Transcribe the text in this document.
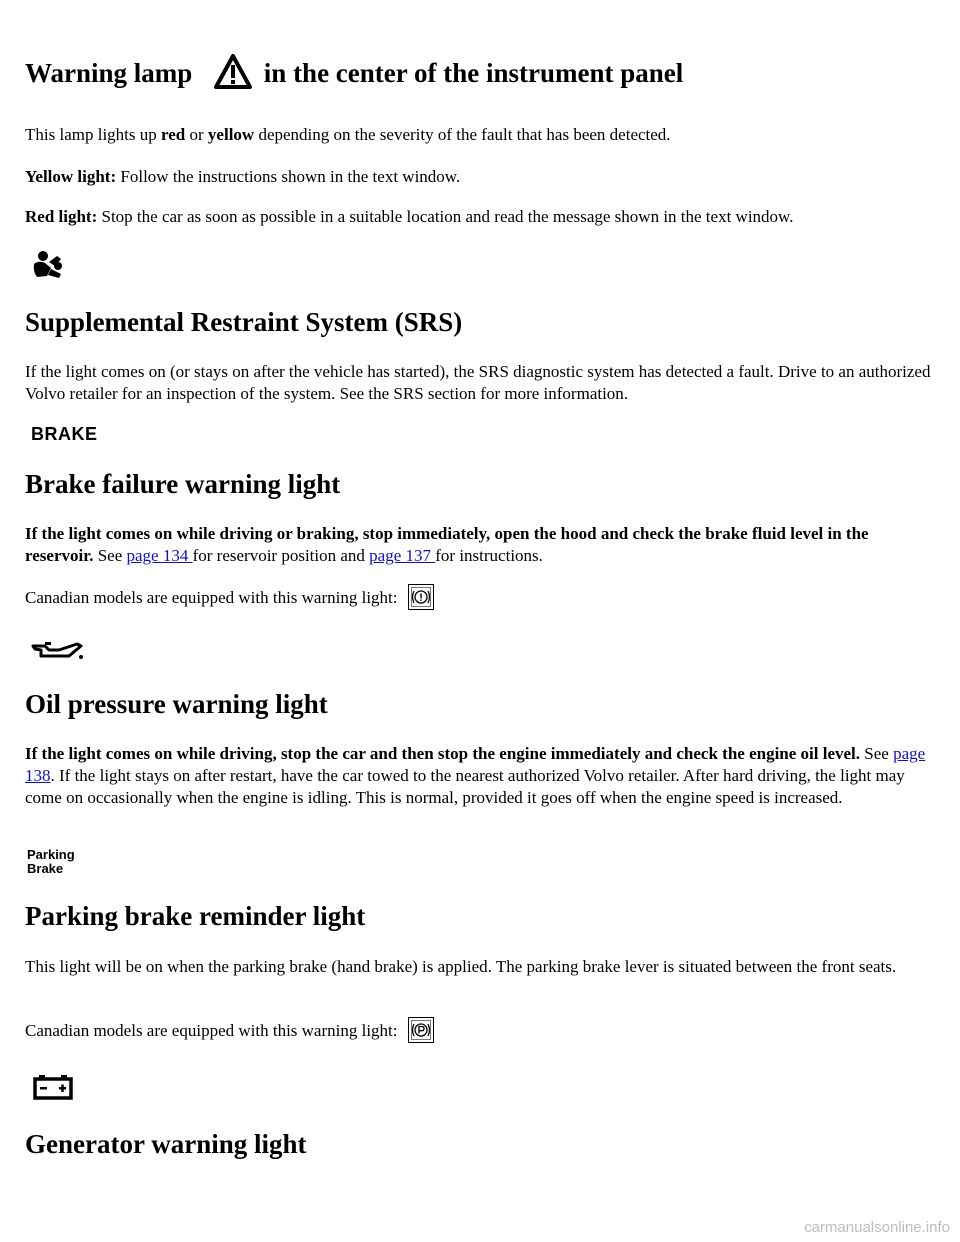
Warning lamp	in the center of the instrument panel

This lamp lights up red or yellow depending on the severity of the fault that has been detected.

Yellow light: Follow the instructions shown in the text window.

Red light: Stop the car as soon as possible in a suitable location and read the message shown in the text window.

Supplemental Restraint System (SRS)

If the light comes on (or stays on after the vehicle has started), the SRS diagnostic system has detected a fault. Drive to an authorized Volvo retailer for an inspection of the system. See the SRS section for more information.

BRAKE
Brake failure warning light

If the light comes on while driving or braking, stop immediately, open the hood and check the brake fluid level in the reservoir. See page 134 for reservoir position and page 137 for instructions.

Canadian models are equipped with this warning light:

Oil pressure warning light

If the light comes on while driving, stop the car and then stop the engine immediately and check the engine oil level. See page 138. If the light stays on after restart, have the car towed to the nearest authorized Volvo retailer. After hard driving, the light may come on occasionally when the engine is idling. This is normal, provided it goes off when the engine speed is increased.

Parking
Brake
Parking brake reminder light

This light will be on when the parking brake (hand brake) is applied. The parking brake lever is situated between the front seats.

Canadian models are equipped with this warning light:

Generator warning light
carmanualsonline.info
